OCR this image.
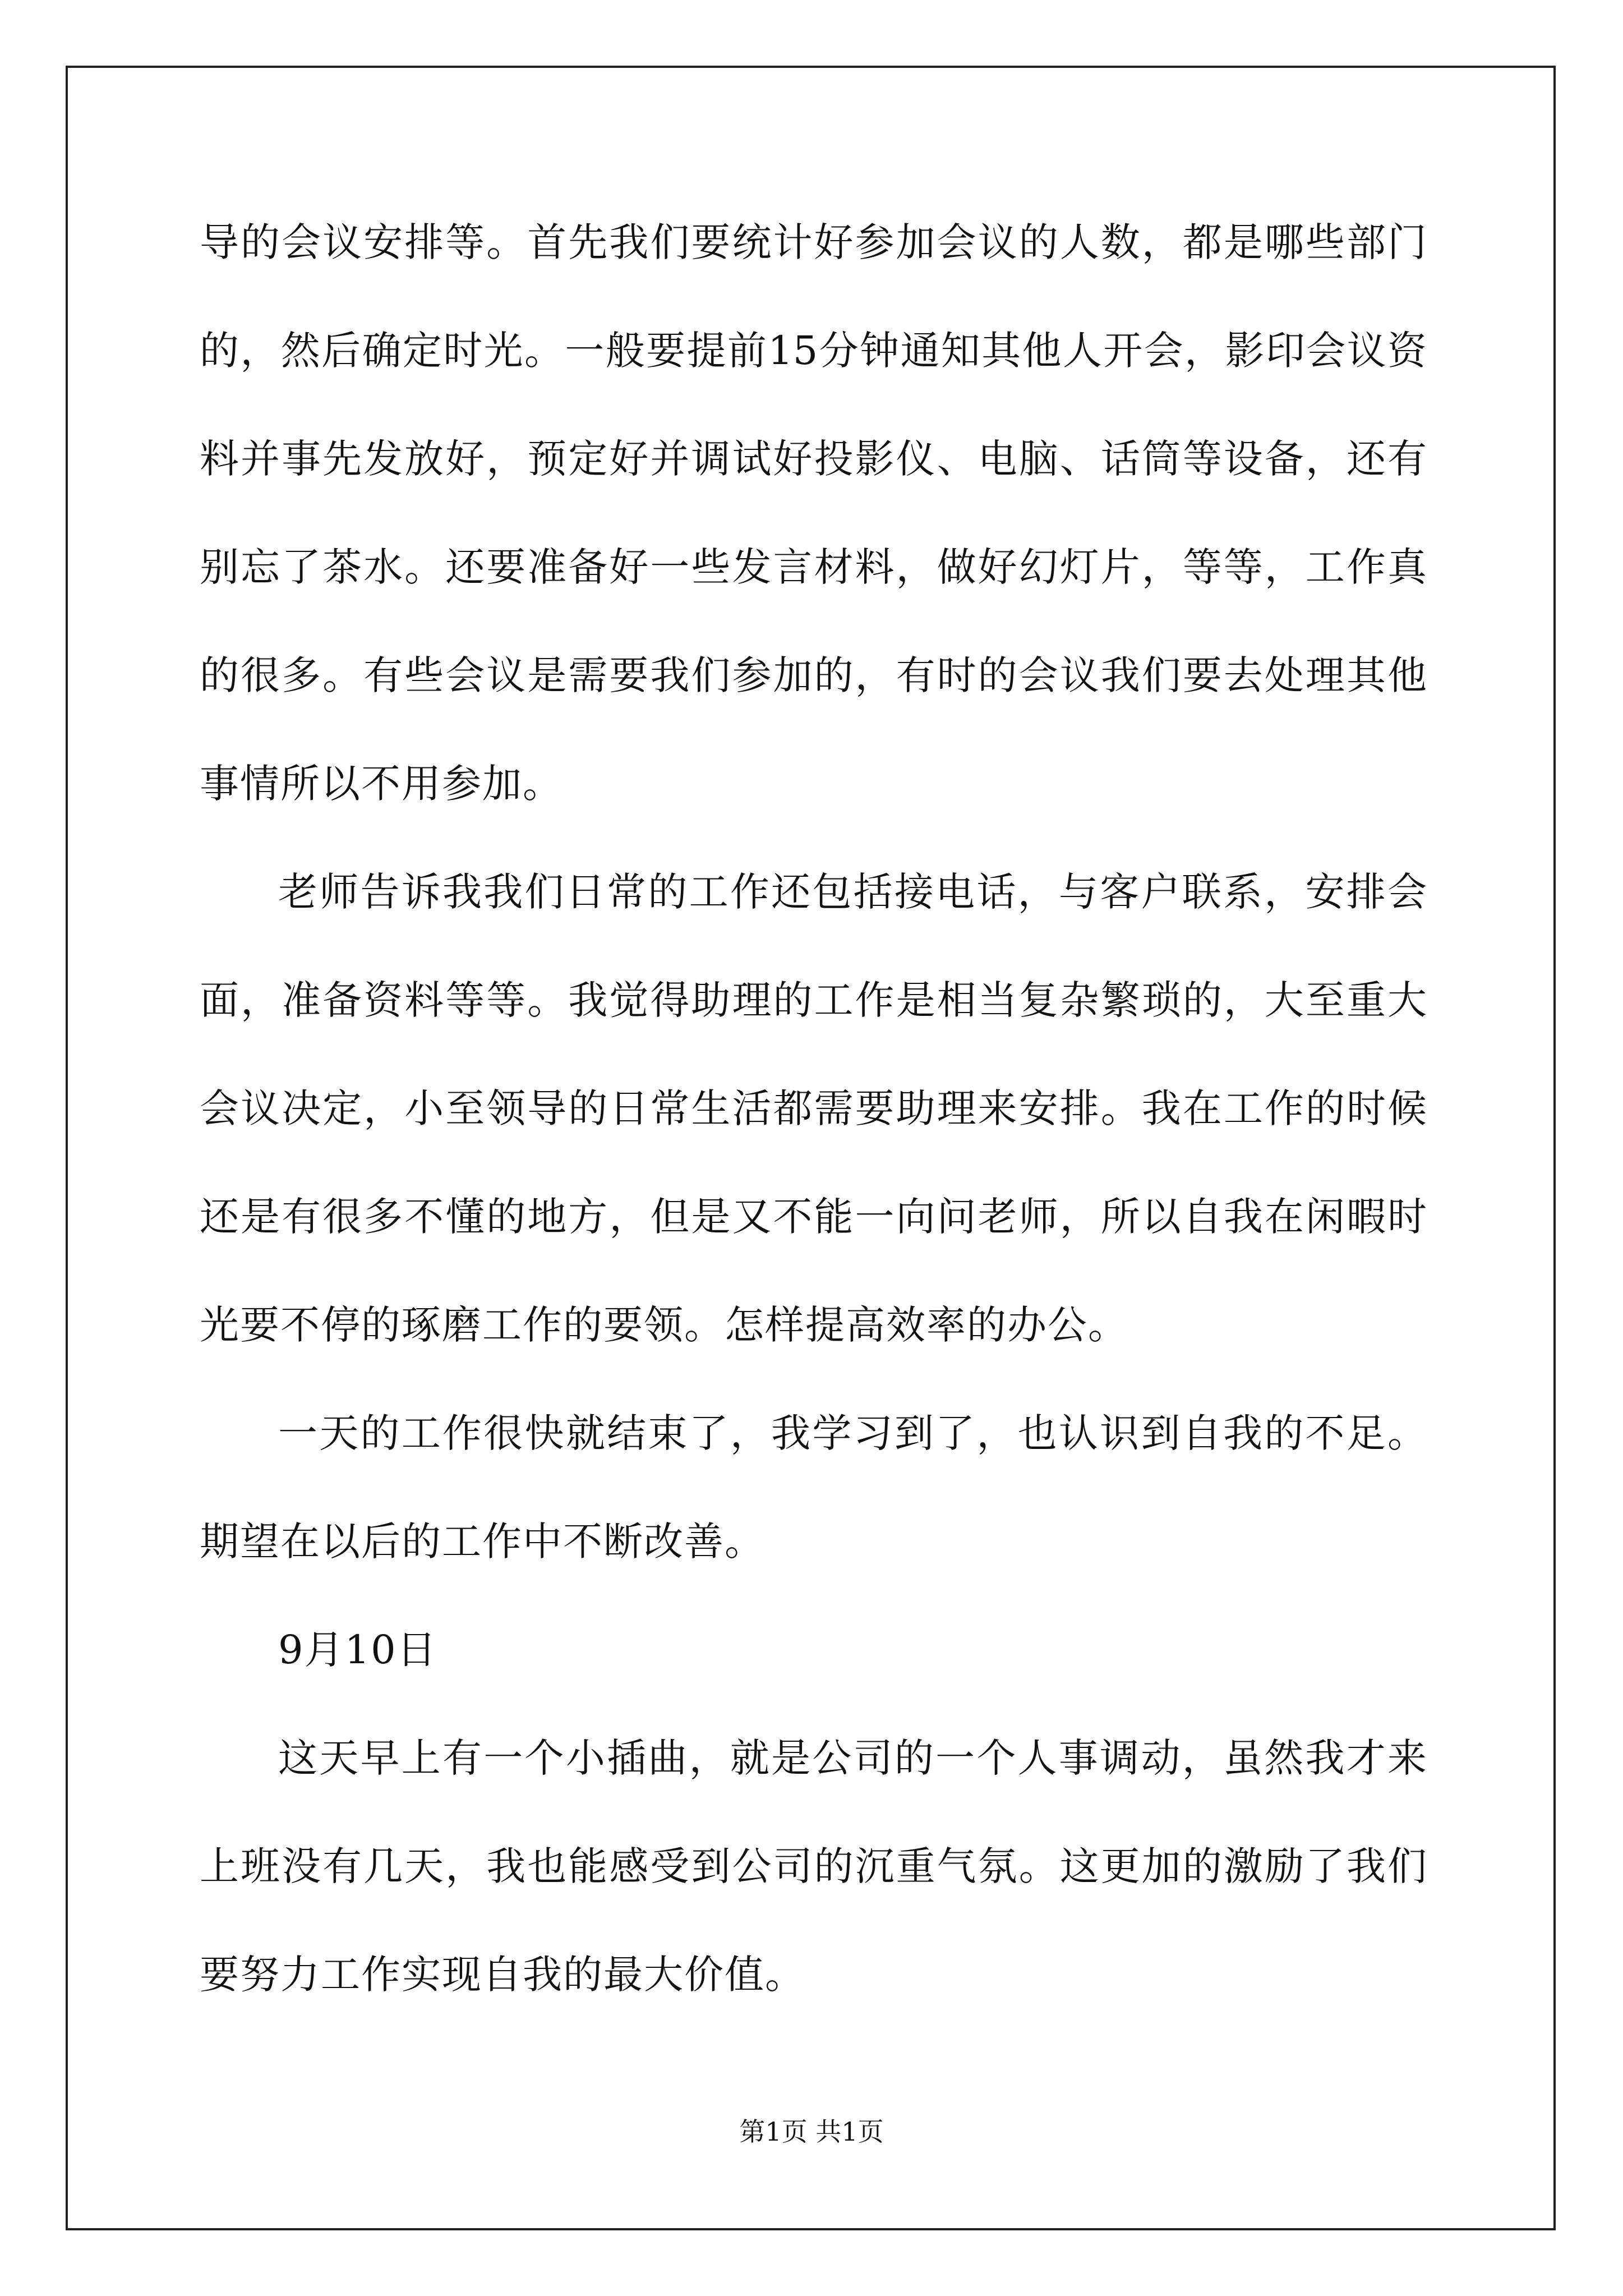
导的会议安排等。首先我们要统计好参加会议的人数，都是哪些部门
的，然后确定时光。一般要提前15分钟通知其他人开会，影印会议资
料并事先发放好，预定好并调试好投影仪、电脑、话筒等设备，还有
别忘了茶水。还要准备好一些发言材料，做好幻灯片，等等，工作真
的很多。有些会议是需要我们参加的，有时的会议我们要去处理其他
事情所以不用参加。
老师告诉我我们日常的工作还包括接电话，与客户联系，安排会
面，准备资料等等。我觉得助理的工作是相当复杂繁琐的，大至重大
会议决定，小至领导的日常生活都需要助理来安排。我在工作的时候
还是有很多不懂的地方，但是又不能一向问老师，所以自我在闲暇时
光要不停的琢磨工作的要领。怎样提高效率的办公。
一天的工作很快就结束了，我学习到了，也认识到自我的不足。
期望在以后的工作中不断改善。
9月10日
这天早上有一个小插曲，就是公司的一个人事调动，虽然我才来
上班没有几天，我也能感受到公司的沉重气氛。这更加的激励了我们
要努力工作实现自我的最大价值。
第1页 共1页
